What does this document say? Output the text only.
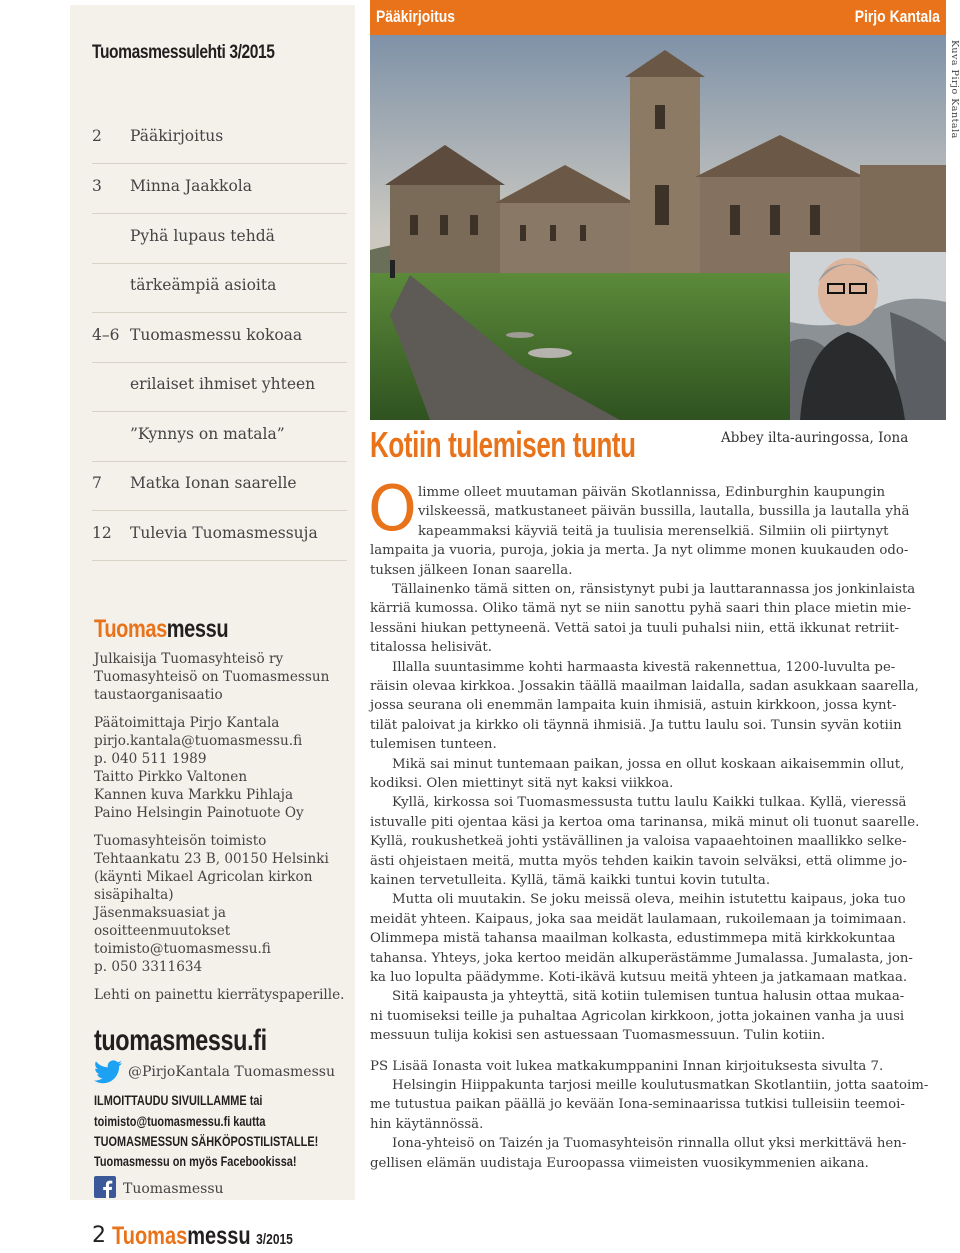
Tuomasmessulehti 3/2015
2 Pääkirjoitus
3 Minna Jaakkola
Pyhä lupaus tehdä
tärkeämpiä asioita
4–6 Tuomasmessu kokoaa
erilaiset ihmiset yhteen
”Kynnys on matala”
7 Matka Ionan saarelle
12 Tulevia Tuomasmessuja
Tuomasmessu
Julkaisija Tuomasyhteisö ry
Tuomasyhteisö on Tuomasmessun
taustaorganisaatio
Päätoimittaja Pirjo Kantala
pirjo.kantala@tuomasmessu.fi
p. 040 511 1989
Taitto Pirkko Valtonen
Kannen kuva Markku Pihlaja
Paino Helsingin Painotuote Oy
Tuomasyhteisön toimisto
Tehtaankatu 23 B, 00150 Helsinki
(käynti Mikael Agricolan kirkon
sisäpihalta)
Jäsenmaksuasiat ja
osoitteenmuutokset
toimisto@tuomasmessu.fi
p. 050 3311634
Lehti on painettu kierrätyspaperille.
tuomasmessu.fi
@PirjoKantala Tuomasmessu
ILMOITTAUDU SIVUILLAMME tai
toimisto@tuomasmessu.fi kautta
TUOMASMESSUN SÄHKÖPOSTILISTALLE!
Tuomasmessu on myös Facebookissa!
Tuomasmessu
Pääkirjoitus	Pirjo Kantala
Kuva Pirjo Kantala
Kotiin tulemisen tuntu	Abbey ilta-auringossa, Iona
O limme olleet muutaman päivän Skotlannissa, Edinburghin kaupungin
vilskeessä, matkustaneet päivän bussilla, lautalla, bussilla ja lautalla yhä
kapeammaksi käyviä teitä ja tuulisia merenselkiä. Silmiin oli piirtynyt
lampaita ja vuoria, puroja, jokia ja merta. Ja nyt olimme monen kuukauden odo-
tuksen jälkeen Ionan saarella.
Tällainenko tämä sitten on, ränsistynyt pubi ja lauttarannassa jos jonkinlaista
kärriä kumossa. Oliko tämä nyt se niin sanottu pyhä saari thin place mietin mie-
lessäni hiukan pettyneenä. Vettä satoi ja tuuli puhalsi niin, että ikkunat retriit-
titalossa helisivät.
Illalla suuntasimme kohti harmaasta kivestä rakennettua, 1200-luvulta pe-
räisin olevaa kirkkoa. Jossakin täällä maailman laidalla, sadan asukkaan saarella,
jossa seurana oli enemmän lampaita kuin ihmisiä, astuin kirkkoon, jossa kynt-
tilät paloivat ja kirkko oli täynnä ihmisiä. Ja tuttu laulu soi. Tunsin syvän kotiin
tulemisen tunteen.
Mikä sai minut tuntemaan paikan, jossa en ollut koskaan aikaisemmin ollut,
kodiksi. Olen miettinyt sitä nyt kaksi viikkoa.
Kyllä, kirkossa soi Tuomasmessusta tuttu laulu Kaikki tulkaa. Kyllä, vieressä
istuvalle piti ojentaa käsi ja kertoa oma tarinansa, mikä minut oli tuonut saarelle.
Kyllä, roukushetkeä johti ystävällinen ja valoisa vapaaehtoinen maallikko selke-
ästi ohjeistaen meitä, mutta myös tehden kaikin tavoin selväksi, että olimme jo-
kainen tervetulleita. Kyllä, tämä kaikki tuntui kovin tutulta.
Mutta oli muutakin. Se joku meissä oleva, meihin istutettu kaipaus, joka tuo
meidät yhteen. Kaipaus, joka saa meidät laulamaan, rukoilemaan ja toimimaan.
Olimmepa mistä tahansa maailman kolkasta, edustimmepa mitä kirkkokuntaa
tahansa. Yhteys, joka kertoo meidän alkuperästämme Jumalassa. Jumalasta, jon-
ka luo lopulta päädymme. Koti-ikävä kutsuu meitä yhteen ja jatkamaan matkaa.
Sitä kaipausta ja yhteyttä, sitä kotiin tulemisen tuntua halusin ottaa mukaa-
ni tuomiseksi teille ja puhaltaa Agricolan kirkkoon, jotta jokainen vanha ja uusi
messuun tulija kokisi sen astuessaan Tuomasmessuun. Tulin kotiin.
PS Lisää Ionasta voit lukea matkakumppanini Innan kirjoituksesta sivulta 7.
Helsingin Hiippakunta tarjosi meille koulutusmatkan Skotlantiin, jotta saatoim-
me tutustua paikan päällä jo kevään Iona-seminaarissa tutkisi tulleisiin teemoi-
hin käytännössä.
Iona-yhteisö on Taizén ja Tuomasyhteisön rinnalla ollut yksi merkittävä hen-
gellisen elämän uudistaja Euroopassa viimeisten vuosikymmenien aikana.
2 Tuomasmessu 3/2015
